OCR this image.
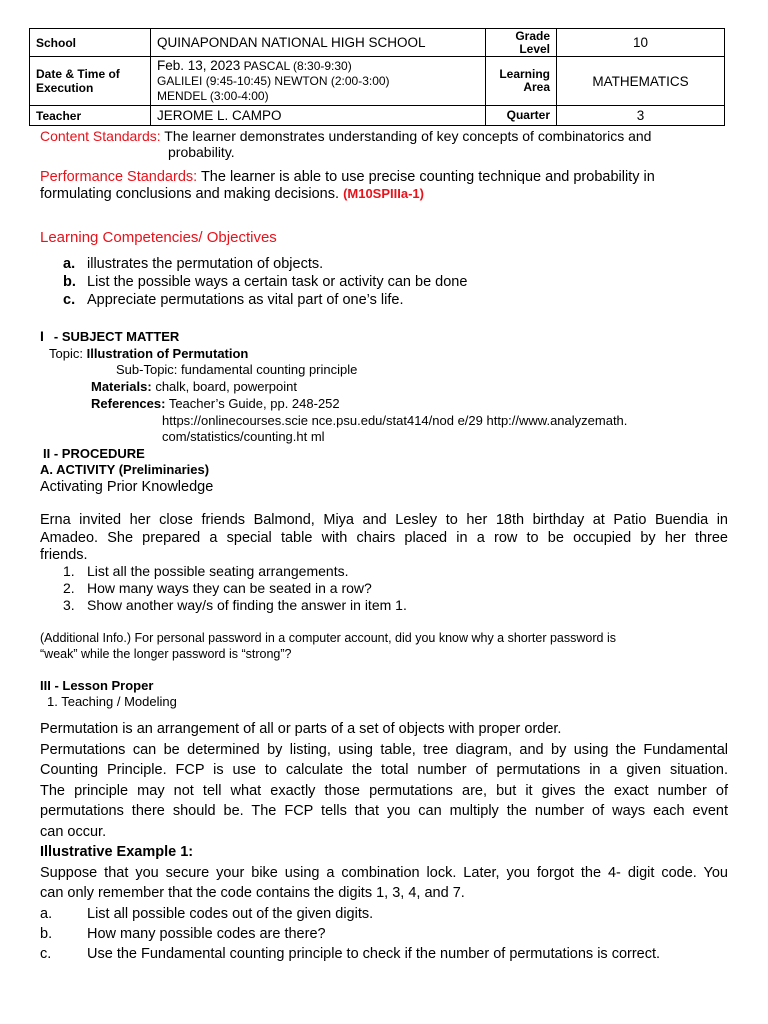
School	QUINAPONDAN NATIONAL HIGH SCHOOL	Grade Level	10
Date & Time of Execution	Feb. 13, 2023 PASCAL (8:30-9:30)
GALILEI (9:45-10:45) NEWTON (2:00-3:00)
MENDEL (3:00-4:00)	Learning Area	MATHEMATICS
Teacher	JEROME L. CAMPO	Quarter	3
Content Standards: The learner demonstrates understanding of key concepts of combinatorics and
probability.
Performance Standards: The learner is able to use precise counting technique and probability in
formulating conclusions and making decisions. (M10SPIIIa-1)
Learning Competencies/ Objectives
a. illustrates the permutation of objects.
b. List the possible ways a certain task or activity can be done
c. Appreciate permutations as vital part of one’s life.
I - SUBJECT MATTER
Topic: Illustration of Permutation
Sub-Topic: fundamental counting principle
Materials: chalk, board, powerpoint
References: Teacher’s Guide, pp. 248-252
https://onlinecourses.scie nce.psu.edu/stat414/nod e/29 http://www.analyzemath.
com/statistics/counting.ht ml
II - PROCEDURE
A. ACTIVITY (Preliminaries)
Activating Prior Knowledge
Erna invited her close friends Balmond, Miya and Lesley to her 18th birthday at Patio Buendia in
Amadeo. She prepared a special table with chairs placed in a row to be occupied by her three
friends.
1. List all the possible seating arrangements.
2. How many ways they can be seated in a row?
3. Show another way/s of finding the answer in item 1.
(Additional Info.) For personal password in a computer account, did you know why a shorter password is
“weak” while the longer password is “strong”?
III - Lesson Proper
1. Teaching / Modeling
Permutation is an arrangement of all or parts of a set of objects with proper order.
Permutations can be determined by listing, using table, tree diagram, and by using the Fundamental
Counting Principle. FCP is use to calculate the total number of permutations in a given situation.
The principle may not tell what exactly those permutations are, but it gives the exact number of
permutations there should be. The FCP tells that you can multiply the number of ways each event
can occur.
Illustrative Example 1:
Suppose that you secure your bike using a combination lock. Later, you forgot the 4- digit code. You
can only remember that the code contains the digits 1, 3, 4, and 7.
a. List all possible codes out of the given digits.
b. How many possible codes are there?
c. Use the Fundamental counting principle to check if the number of permutations is correct.
